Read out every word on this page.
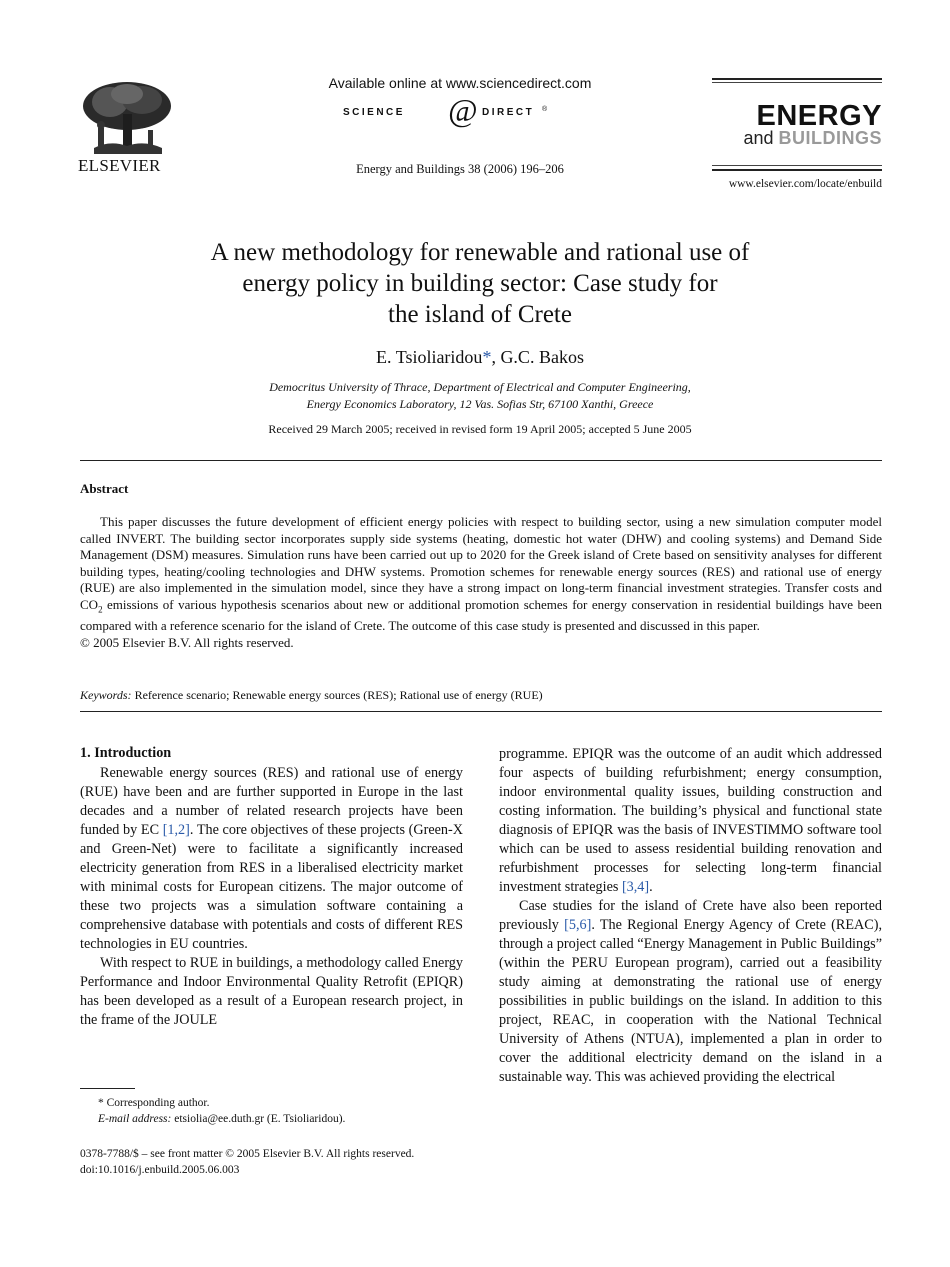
ELSEVIER
Available online at www.sciencedirect.com
SCIENCE @ DIRECT ®
Energy and Buildings 38 (2006) 196–206
ENERGY
and BUILDINGS
www.elsevier.com/locate/enbuild
A new methodology for renewable and rational use of
energy policy in building sector: Case study for
the island of Crete
E. Tsioliaridou*, G.C. Bakos
Democritus University of Thrace, Department of Electrical and Computer Engineering,
Energy Economics Laboratory, 12 Vas. Sofias Str, 67100 Xanthi, Greece
Received 29 March 2005; received in revised form 19 April 2005; accepted 5 June 2005
Abstract
This paper discusses the future development of efficient energy policies with respect to building sector, using a new simulation computer model called INVERT. The building sector incorporates supply side systems (heating, domestic hot water (DHW) and cooling systems) and Demand Side Management (DSM) measures. Simulation runs have been carried out up to 2020 for the Greek island of Crete based on sensitivity analyses for different building types, heating/cooling technologies and DHW systems. Promotion schemes for renewable energy sources (RES) and rational use of energy (RUE) are also implemented in the simulation model, since they have a strong impact on long-term financial investment strategies. Transfer costs and $CO_2$ emissions of various hypothesis scenarios about new or additional promotion schemes for energy conservation in residential buildings have been compared with a reference scenario for the island of Crete. The outcome of this case study is presented and discussed in this paper.
© 2005 Elsevier B.V. All rights reserved.
Keywords: Reference scenario; Renewable energy sources (RES); Rational use of energy (RUE)
1. Introduction
Renewable energy sources (RES) and rational use of energy (RUE) have been and are further supported in Europe in the last decades and a number of related research projects have been funded by EC [1,2]. The core objectives of these projects (Green-X and Green-Net) were to facilitate a significantly increased electricity generation from RES in a liberalised electricity market with minimal costs for European citizens. The major outcome of these two projects was a simulation software containing a comprehensive database with potentials and costs of different RES technologies in EU countries.
With respect to RUE in buildings, a methodology called Energy Performance and Indoor Environmental Quality Retrofit (EPIQR) has been developed as a result of a European research project, in the frame of the JOULE
programme. EPIQR was the outcome of an audit which addressed four aspects of building refurbishment; energy consumption, indoor environmental quality issues, building construction and costing information. The building’s physical and functional state diagnosis of EPIQR was the basis of INVESTIMMO software tool which can be used to assess residential building renovation and refurbishment processes for selecting long-term financial investment strategies [3,4].
Case studies for the island of Crete have also been reported previously [5,6]. The Regional Energy Agency of Crete (REAC), through a project called “Energy Management in Public Buildings” (within the PERU European program), carried out a feasibility study aiming at demonstrating the rational use of energy possibilities in public buildings on the island. In addition to this project, REAC, in cooperation with the National Technical University of Athens (NTUA), implemented a plan in order to cover the additional electricity demand on the island in a sustainable way. This was achieved providing the electrical
* Corresponding author.
E-mail address: etsiolia@ee.duth.gr (E. Tsioliaridou).
0378-7788/$ – see front matter © 2005 Elsevier B.V. All rights reserved.
doi:10.1016/j.enbuild.2005.06.003
